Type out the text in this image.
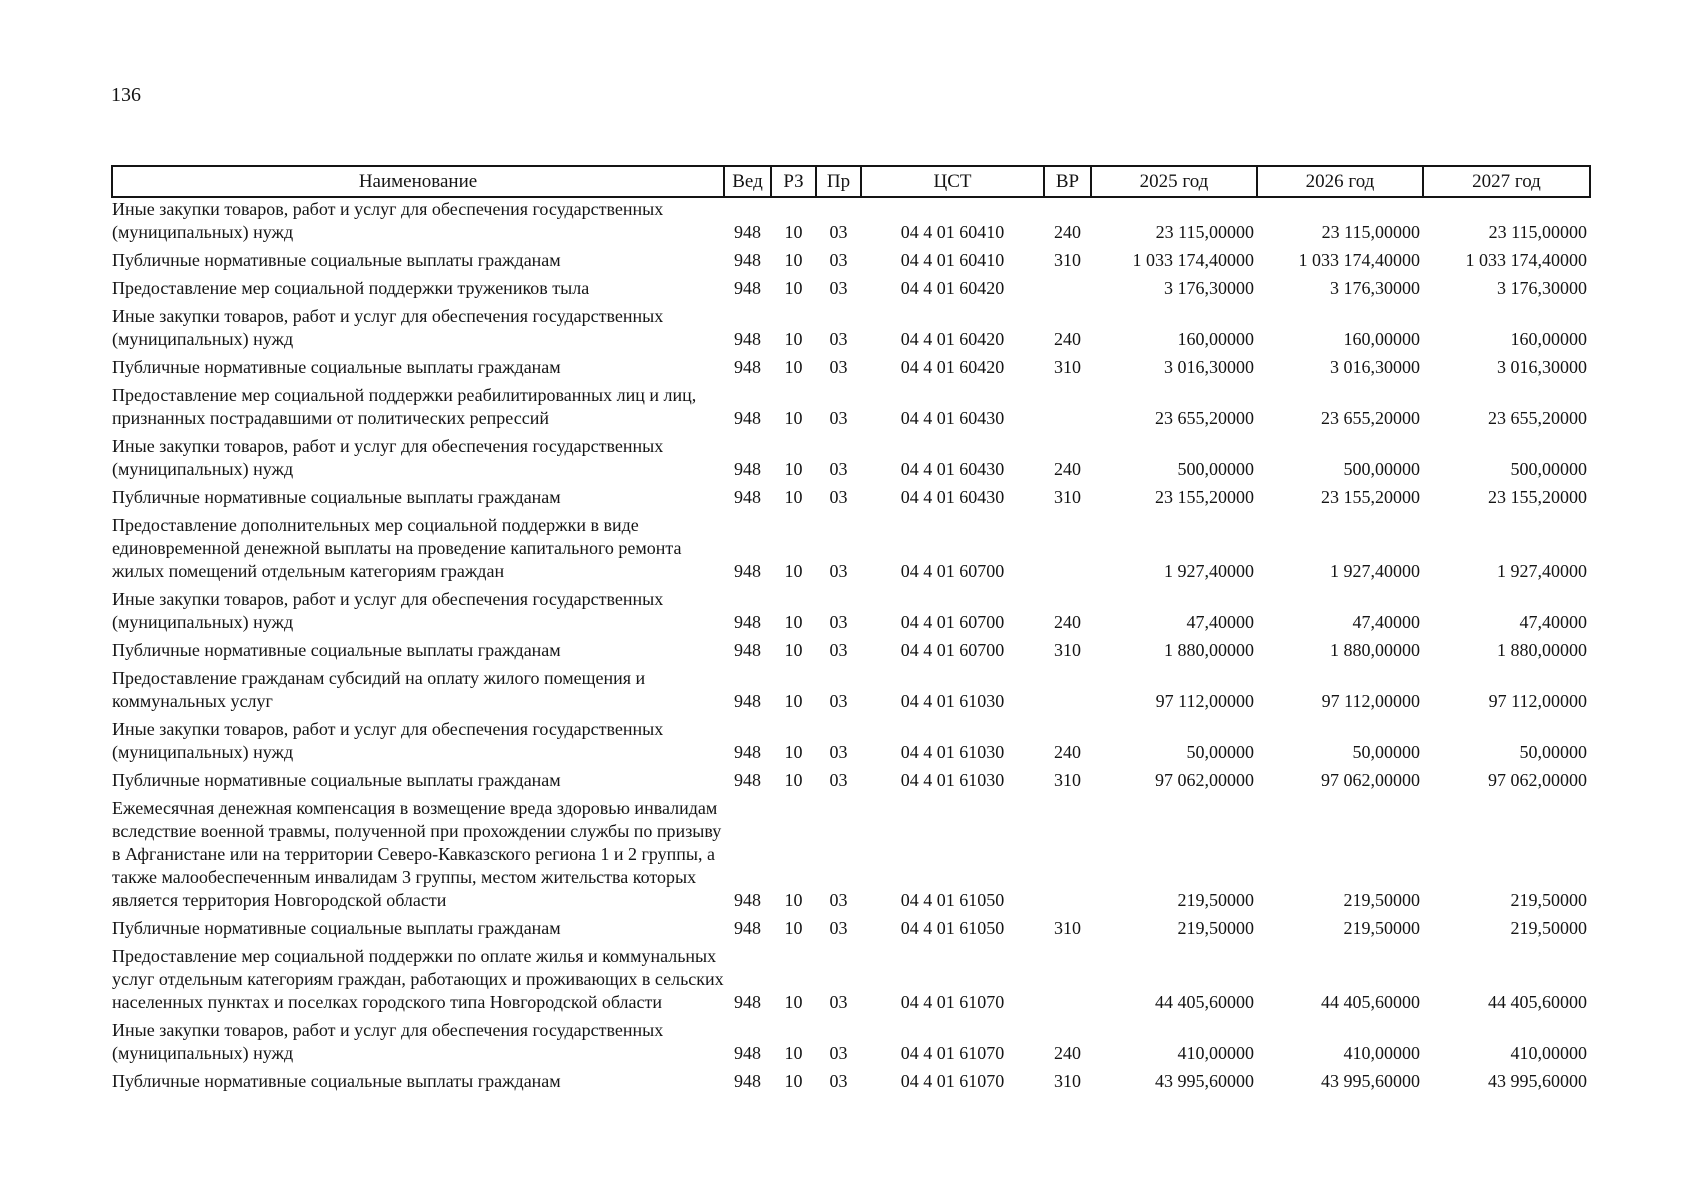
136
Наименование	Вед	РЗ	Пр	ЦСТ	ВР	2025 год	2026 год	2027 год
Иные закупки товаров, работ и услуг для обеспечения государственных (муниципальных) нужд	948	10	03	04 4 01 60410	240	23 115,00000	23 115,00000	23 115,00000
Публичные нормативные социальные выплаты гражданам	948	10	03	04 4 01 60410	310	1 033 174,40000	1 033 174,40000	1 033 174,40000
Предоставление мер социальной поддержки тружеников тыла	948	10	03	04 4 01 60420		3 176,30000	3 176,30000	3 176,30000
Иные закупки товаров, работ и услуг для обеспечения государственных (муниципальных) нужд	948	10	03	04 4 01 60420	240	160,00000	160,00000	160,00000
Публичные нормативные социальные выплаты гражданам	948	10	03	04 4 01 60420	310	3 016,30000	3 016,30000	3 016,30000
Предоставление мер социальной поддержки реабилитированных лиц и лиц, признанных пострадавшими от политических репрессий	948	10	03	04 4 01 60430		23 655,20000	23 655,20000	23 655,20000
Иные закупки товаров, работ и услуг для обеспечения государственных (муниципальных) нужд	948	10	03	04 4 01 60430	240	500,00000	500,00000	500,00000
Публичные нормативные социальные выплаты гражданам	948	10	03	04 4 01 60430	310	23 155,20000	23 155,20000	23 155,20000
Предоставление дополнительных мер социальной поддержки в виде единовременной денежной выплаты на проведение капитального ремонта жилых помещений отдельным категориям граждан	948	10	03	04 4 01 60700		1 927,40000	1 927,40000	1 927,40000
Иные закупки товаров, работ и услуг для обеспечения государственных (муниципальных) нужд	948	10	03	04 4 01 60700	240	47,40000	47,40000	47,40000
Публичные нормативные социальные выплаты гражданам	948	10	03	04 4 01 60700	310	1 880,00000	1 880,00000	1 880,00000
Предоставление гражданам субсидий на оплату жилого помещения и коммунальных услуг	948	10	03	04 4 01 61030		97 112,00000	97 112,00000	97 112,00000
Иные закупки товаров, работ и услуг для обеспечения государственных (муниципальных) нужд	948	10	03	04 4 01 61030	240	50,00000	50,00000	50,00000
Публичные нормативные социальные выплаты гражданам	948	10	03	04 4 01 61030	310	97 062,00000	97 062,00000	97 062,00000
Ежемесячная денежная компенсация в возмещение вреда здоровью инвалидам вследствие военной травмы, полученной при прохождении службы по призыву в Афганистане или на территории Северо-Кавказского региона 1 и 2 группы, а также малообеспеченным инвалидам 3 группы, местом жительства которых является территория Новгородской области	948	10	03	04 4 01 61050		219,50000	219,50000	219,50000
Публичные нормативные социальные выплаты гражданам	948	10	03	04 4 01 61050	310	219,50000	219,50000	219,50000
Предоставление мер социальной поддержки по оплате жилья и коммунальных услуг отдельным категориям граждан, работающих и проживающих в сельских населенных пунктах и поселках городского типа Новгородской области	948	10	03	04 4 01 61070		44 405,60000	44 405,60000	44 405,60000
Иные закупки товаров, работ и услуг для обеспечения государственных (муниципальных) нужд	948	10	03	04 4 01 61070	240	410,00000	410,00000	410,00000
Публичные нормативные социальные выплаты гражданам	948	10	03	04 4 01 61070	310	43 995,60000	43 995,60000	43 995,60000
